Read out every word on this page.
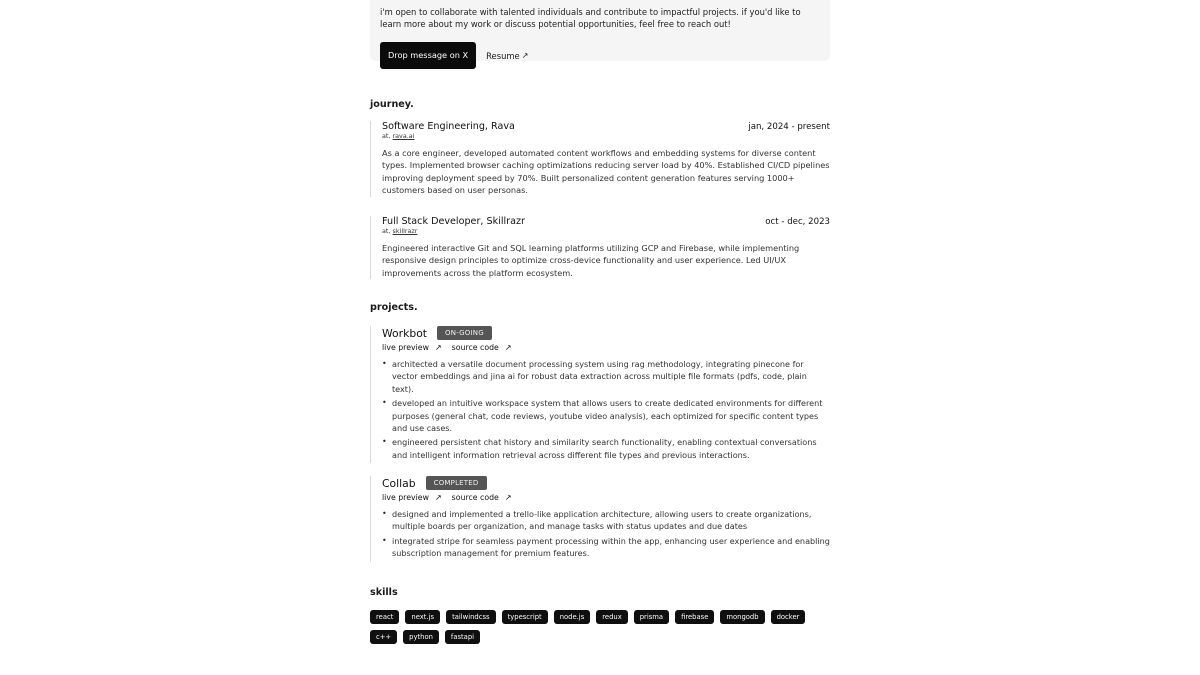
i'm open to collaborate with talented individuals and contribute to impactful projects. if you'd like to learn more about my work or discuss potential opportunities, feel free to reach out!

Drop message on X	Resume ↗
journey.
Software Engineering, Rava	jan, 2024 - present
at, rava.ai
As a core engineer, developed automated content workflows and embedding systems for diverse content types. Implemented browser caching optimizations reducing server load by 40%. Established CI/CD pipelines improving deployment speed by 70%. Built personalized content generation features serving 1000+ customers based on user personas.
Full Stack Developer, Skillrazr	oct - dec, 2023
at, skillrazr
Engineered interactive Git and SQL learning platforms utilizing GCP and Firebase, while implementing responsive design principles to optimize cross-device functionality and user experience. Led UI/UX improvements across the platform ecosystem.
projects.
Workbot	ON-GOING
live preview ↗ source code ↗
• architected a versatile document processing system using rag methodology, integrating pinecone for vector embeddings and jina ai for robust data extraction across multiple file formats (pdfs, code, plain text).
• developed an intuitive workspace system that allows users to create dedicated environments for different purposes (general chat, code reviews, youtube video analysis), each optimized for specific content types and use cases.
• engineered persistent chat history and similarity search functionality, enabling contextual conversations and intelligent information retrieval across different file types and previous interactions.
Collab	COMPLETED
live preview ↗ source code ↗
• designed and implemented a trello-like application architecture, allowing users to create organizations, multiple boards per organization, and manage tasks with status updates and due dates
• integrated stripe for seamless payment processing within the app, enhancing user experience and enabling subscription management for premium features.
skills
react	next.js	tailwindcss	typescript	node.js	redux	prisma	firebase	mongodb	docker
c++	python	fastapi
